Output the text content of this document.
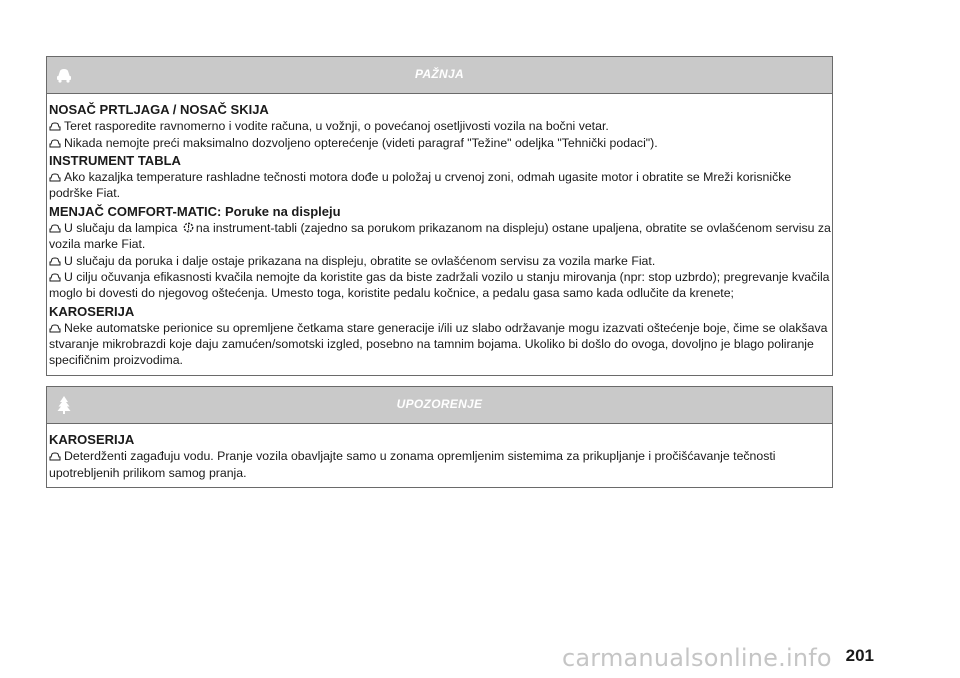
PAŽNJA
NOSAČ PRTLJAGA / NOSAČ SKIJA

Teret rasporedite ravnomerno i vodite računa, u vožnji, o povećanoj osetljivosti vozila na bočni vetar.

Nikada nemojte preći maksimalno dozvoljeno opterećenje (videti paragraf "Težine" odeljka "Tehnički podaci").

INSTRUMENT TABLA

Ako kazaljka temperature rashladne tečnosti motora dođe u položaj u crvenoj zoni, odmah ugasite motor i obratite se Mreži korisničke podrške Fiat.

MENJAČ COMFORT-MATIC: Poruke na displeju

U slučaju da lampica na instrument-tabli (zajedno sa porukom prikazanom na displeju) ostane upaljena, obratite se ovlašćenom servisu za vozila marke Fiat.

U slučaju da poruka i dalje ostaje prikazana na displeju, obratite se ovlašćenom servisu za vozila marke Fiat.

U cilju očuvanja efikasnosti kvačila nemojte da koristite gas da biste zadržali vozilo u stanju mirovanja (npr: stop uzbrdo); pregrevanje kvačila moglo bi dovesti do njegovog oštećenja. Umesto toga, koristite pedalu kočnice, a pedalu gasa samo kada odlučite da krenete;

KAROSERIJA

Neke automatske perionice su opremljene četkama stare generacije i/ili uz slabo održavanje mogu izazvati oštećenje boje, čime se olakšava stvaranje mikrobrazdi koje daju zamućen/somotski izgled, posebno na tamnim bojama. Ukoliko bi došlo do ovoga, dovoljno je blago poliranje specifičnim proizvodima.

UPOZORENJE
KAROSERIJA

Deterdženti zagađuju vodu. Pranje vozila obavljajte samo u zonama opremljenim sistemima za prikupljanje i pročišćavanje tečnosti upotrebljenih prilikom samog pranja.

carmanualsonline.info 201
